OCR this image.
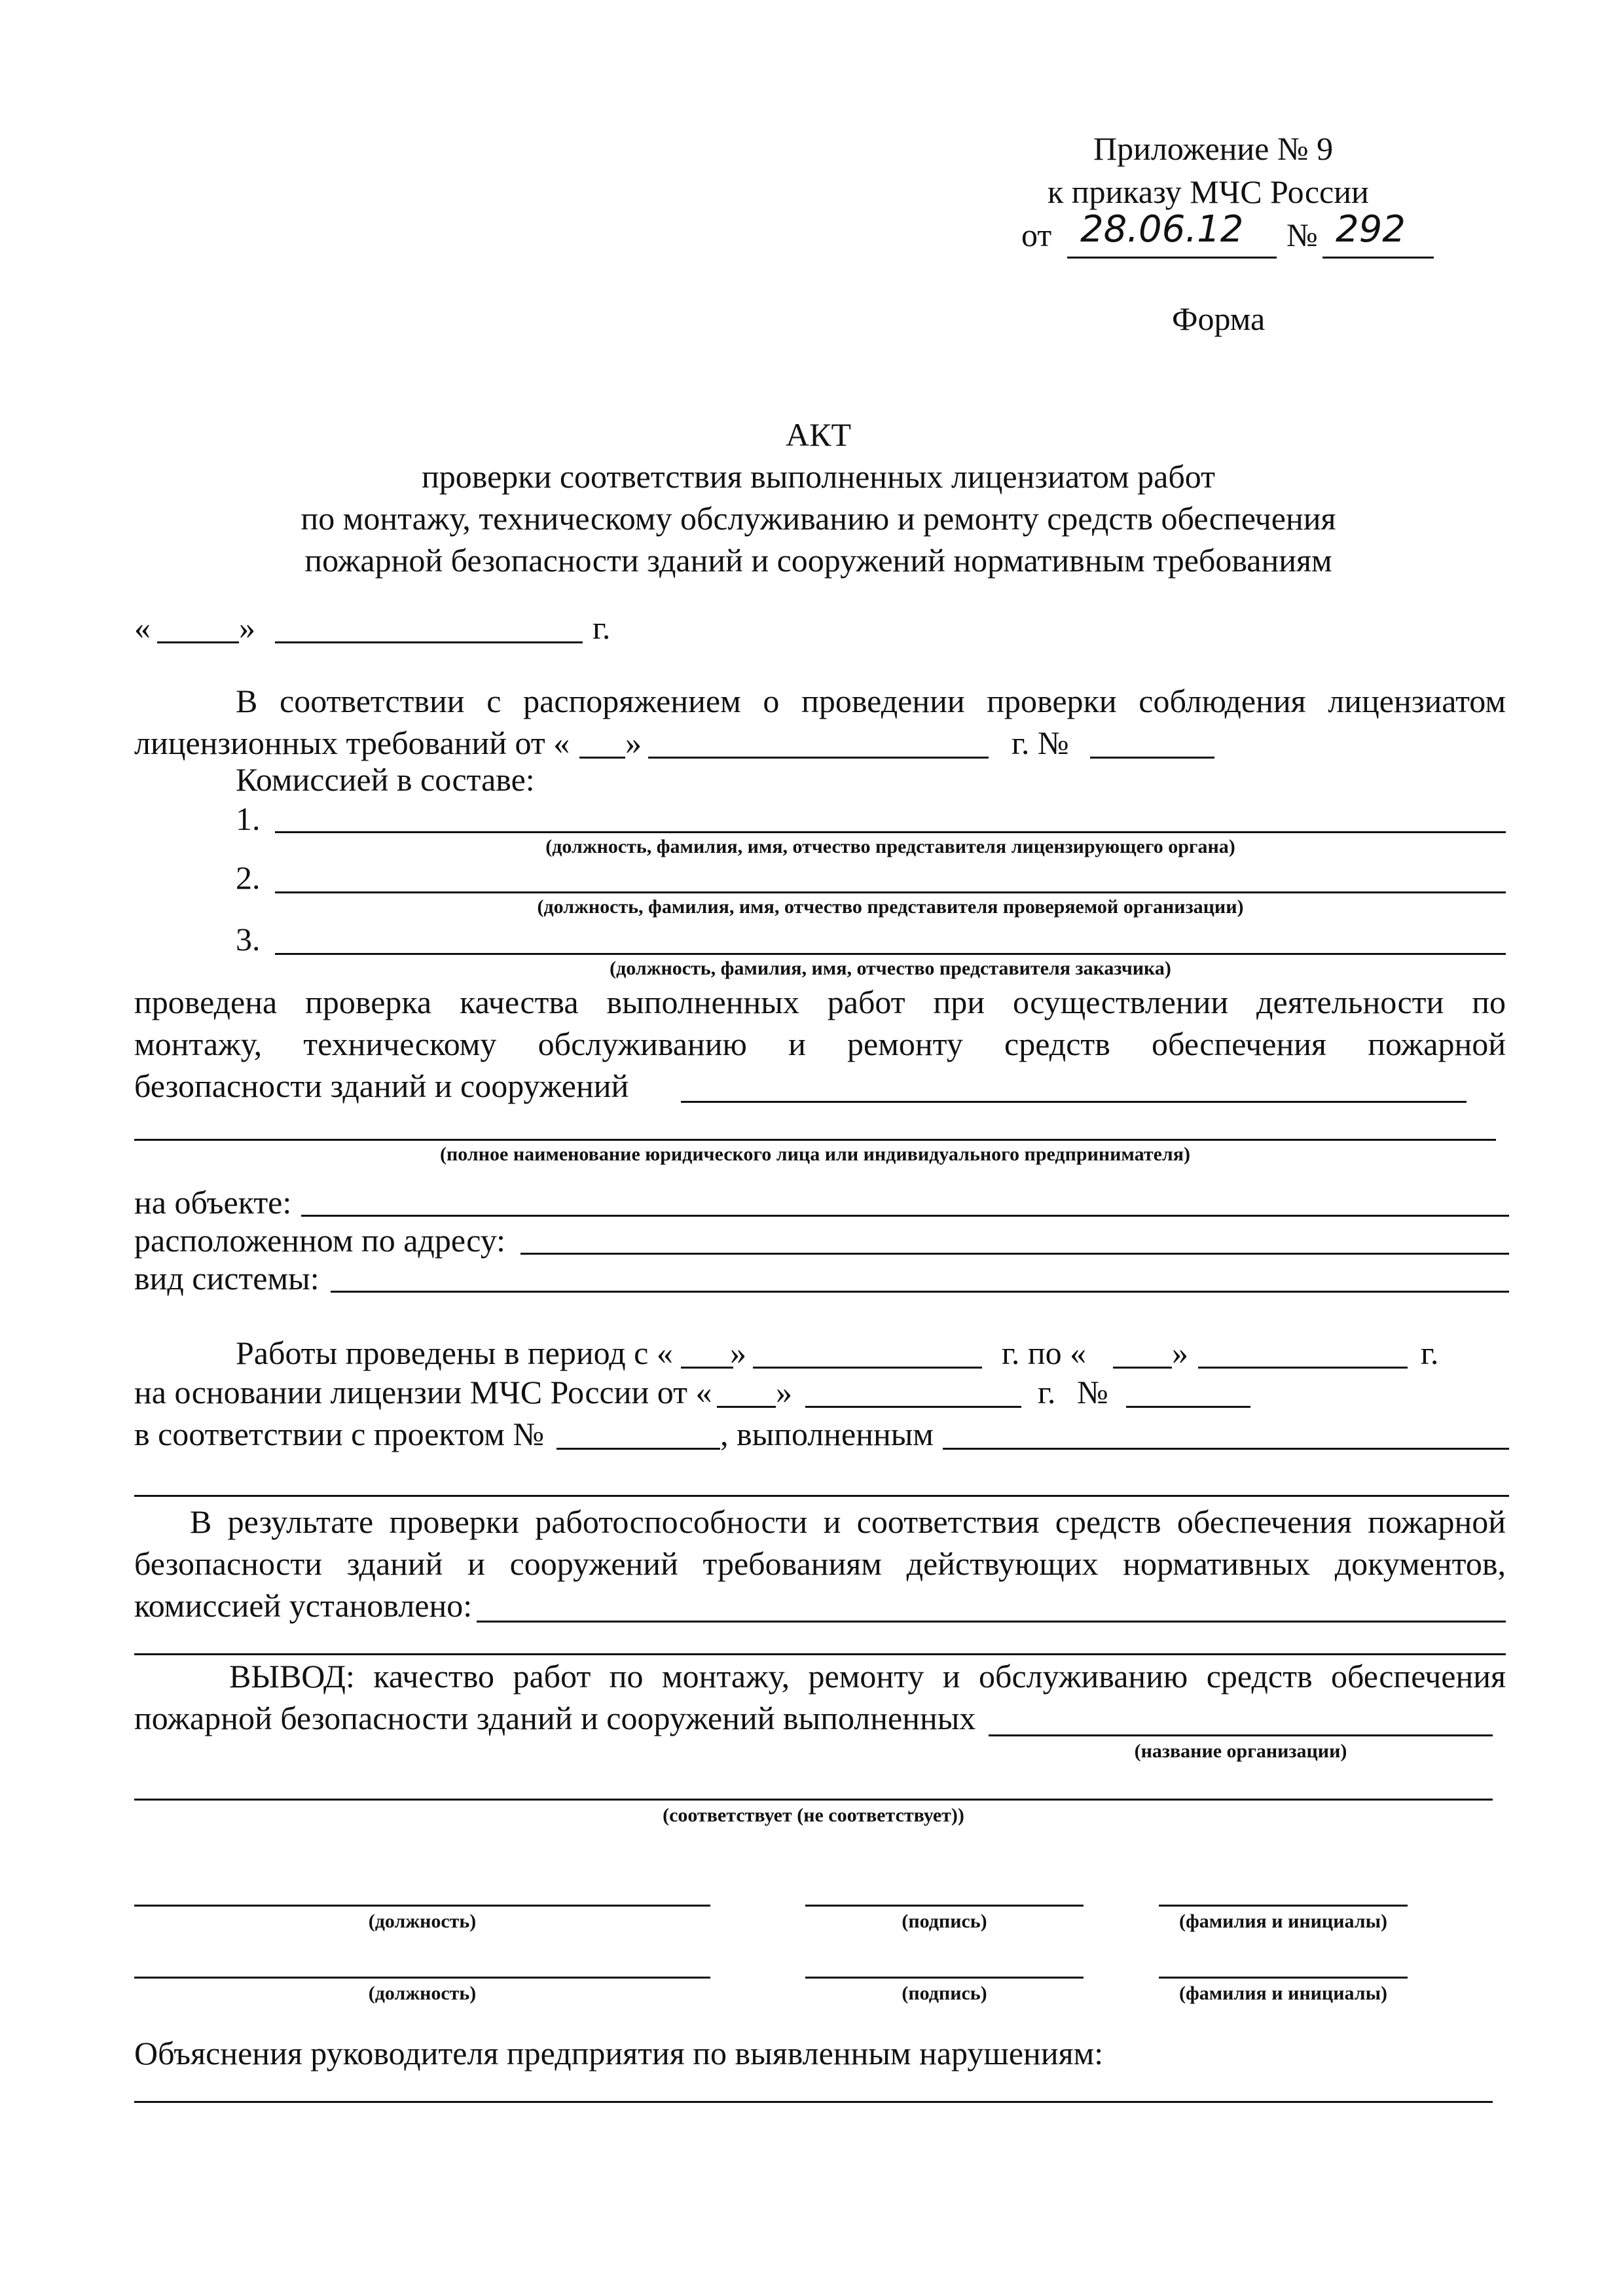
Приложение № 9
к приказу МЧС России
от 28.06.12 № 292
Форма
АКТ
проверки соответствия выполненных лицензиатом работ
по монтажу, техническому обслуживанию и ремонту средств обеспечения
пожарной безопасности зданий и сооружений нормативным требованиям
«	»	г.
В соответствии с распоряжением о проведении проверки соблюдения лицензиатом
лицензионных требований от « »	г. №
Комиссией в составе:
1.
(должность, фамилия, имя, отчество представителя лицензирующего органа)
2.
(должность, фамилия, имя, отчество представителя проверяемой организации)
3.
(должность, фамилия, имя, отчество представителя заказчика)
проведена проверка качества выполненных работ при осуществлении деятельности по
монтажу, техническому обслуживанию и ремонту средств обеспечения пожарной
безопасности зданий и сооружений
(полное наименование юридического лица или индивидуального предпринимателя)
на объекте:
расположенном по адресу:
вид системы:
Работы проведены в период с « »	г. по «	»	г.
на основании лицензии МЧС России от « »	г. №
в соответствии с проектом №	, выполненным
В результате проверки работоспособности и соответствия средств обеспечения пожарной
безопасности зданий и сооружений требованиям действующих нормативных документов,
комиссией установлено:
ВЫВОД: качество работ по монтажу, ремонту и обслуживанию средств обеспечения
пожарной безопасности зданий и сооружений выполненных
(название организации)
(соответствует (не соответствует))
(должность)	(подпись)	(фамилия и инициалы)
(должность)	(подпись)	(фамилия и инициалы)
Объяснения руководителя предприятия по выявленным нарушениям:
